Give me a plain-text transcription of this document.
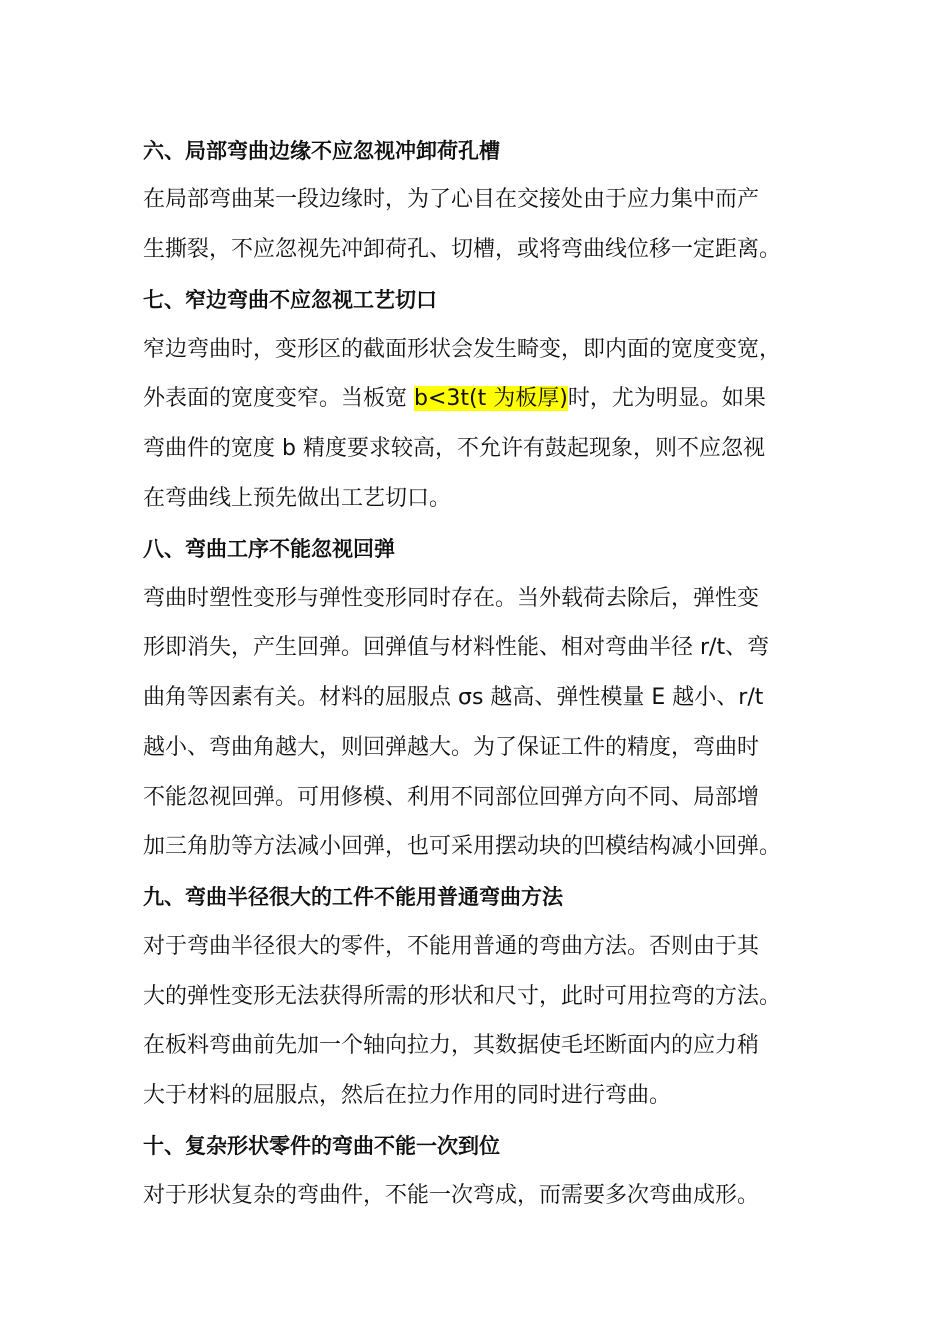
六、局部弯曲边缘不应忽视冲卸荷孔槽
在局部弯曲某一段边缘时，为了心目在交接处由于应力集中而产
生撕裂，不应忽视先冲卸荷孔、切槽，或将弯曲线位移一定距离。
七、窄边弯曲不应忽视工艺切口
窄边弯曲时，变形区的截面形状会发生畸变，即内面的宽度变宽，
外表面的宽度变窄。当板宽 b<3t(t 为板厚)时，尤为明显。如果
弯曲件的宽度 b 精度要求较高，不允许有鼓起现象，则不应忽视
在弯曲线上预先做出工艺切口。
八、弯曲工序不能忽视回弹
弯曲时塑性变形与弹性变形同时存在。当外载荷去除后，弹性变
形即消失，产生回弹。回弹值与材料性能、相对弯曲半径 r/t、弯
曲角等因素有关。材料的屈服点 σs 越高、弹性模量 E 越小、r/t
越小、弯曲角越大，则回弹越大。为了保证工件的精度，弯曲时
不能忽视回弹。可用修模、利用不同部位回弹方向不同、局部增
加三角肋等方法减小回弹，也可采用摆动块的凹模结构减小回弹。
九、弯曲半径很大的工件不能用普通弯曲方法
对于弯曲半径很大的零件，不能用普通的弯曲方法。否则由于其
大的弹性变形无法获得所需的形状和尺寸，此时可用拉弯的方法。
在板料弯曲前先加一个轴向拉力，其数据使毛坯断面内的应力稍
大于材料的屈服点，然后在拉力作用的同时进行弯曲。
十、复杂形状零件的弯曲不能一次到位
对于形状复杂的弯曲件，不能一次弯成，而需要多次弯曲成形。
